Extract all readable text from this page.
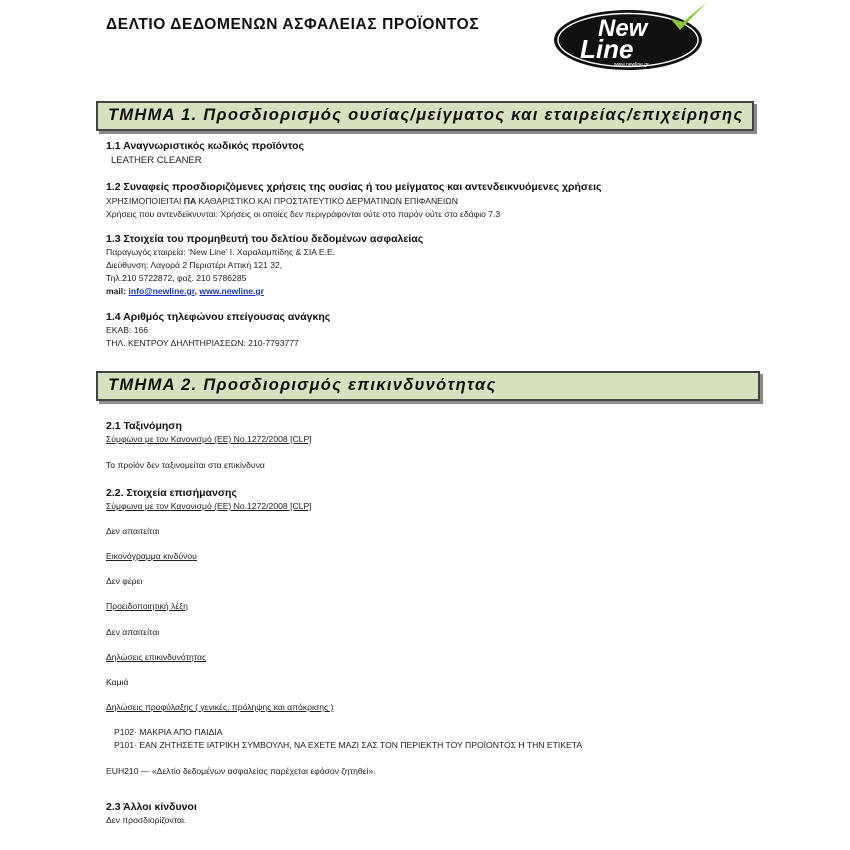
ΔΕΛΤΙΟ ΔΕΔΟΜΕΝΩΝ ΑΣΦΑΛΕΙΑΣ ΠΡΟΪΟΝΤΟΣ	New
Line
www.newline.gr
ΤΜΗΜΑ 1. Προσδιορισμός ουσίας/μείγματος και εταιρείας/επιχείρησης
1.1 Αναγνωριστικός κωδικός προϊόντος
LEATHER CLEANER
1.2 Συναφείς προσδιοριζόμενες χρήσεις της ουσίας ή του μείγματος και αντενδεικνυόμενες χρήσεις
ΧΡΗΣΙΜΟΠΟΙΕΙΤΑΙ ΠΑ ΚΑΘΑΡΙΣΤΙΚΟ ΚΑΙ ΠΡΟΣΤΑΤΕΥΤΙΚΟ ΔΕΡΜΑΤΙΝΩΝ ΕΠΙΦΑΝΕΙΩΝ
Χρήσεις που αντενδείκνυνται: Χρήσεις οι οποίες δεν περιγράφονται ούτε στο παρόν ούτε στο εδάφιο 7.3
1.3 Στοιχεία του προμηθευτή του δελτίου δεδομένων ασφαλείας
Παραγωγός εταιρεία: ‘New Line’ Ι. Χαραλαμπίδης & ΣΙΑ Ε.Ε.
Διεύθυνση: Λαγορά 2 Περιστέρι Αττική 121 32,
Τηλ.210 5722872, φαξ. 210 5786285
mail: info@newline.gr, www.newline.gr
1.4 Αριθμός τηλεφώνου επείγουσας ανάγκης
ΕΚΑΒ: 166
ΤΗΛ. ΚΕΝΤΡΟΥ ΔΗΛΗΤΗΡΙΑΣΕΩΝ: 210-7793777
ΤΜΗΜΑ 2. Προσδιορισμός επικινδυνότητας
2.1 Ταξινόμηση
Σύμφωνα με τον Κανονισμό (ΕΕ) No.1272/2008 [CLP]
Το προϊόν δεν ταξινομείται στα επικίνδυνα
2.2. Στοιχεία επισήμανσης
Σύμφωνα με τον Κανονισμό (ΕΕ) No.1272/2008 [CLP]
Δεν απαιτείται
Εικονόγραμμα κινδύνου
Δεν φέρει
Προειδοποιητική λέξη
Δεν απαιτείται
Δηλώσεις επικινδυνότητας
Καμιά
Δηλώσεις προφύλαξης ( γενικές, πρόληψης και απόκρισης )
P102· ΜΑΚΡΙΑ ΑΠΟ ΠΑΙΔΙΑ
P101· ΕΑΝ ΖΗΤΗΣΕΤΕ ΙΑΤΡΙΚΗ ΣΥΜΒΟΥΛΗ, ΝΑ ΕΧΕΤΕ ΜΑΖΙ ΣΑΣ ΤΟΝ ΠΕΡΙΕΚΤΗ ΤΟΥ ΠΡΟΪΟΝΤΟΣ Η ΤΗΝ ΕΤΙΚΕΤΑ
EUH210 — «Δελτίο δεδομένων ασφαλείας παρέχεται εφόσον ζητηθεί».
2.3 Άλλοι κίνδυνοι
Δεν προσδιορίζονται.
